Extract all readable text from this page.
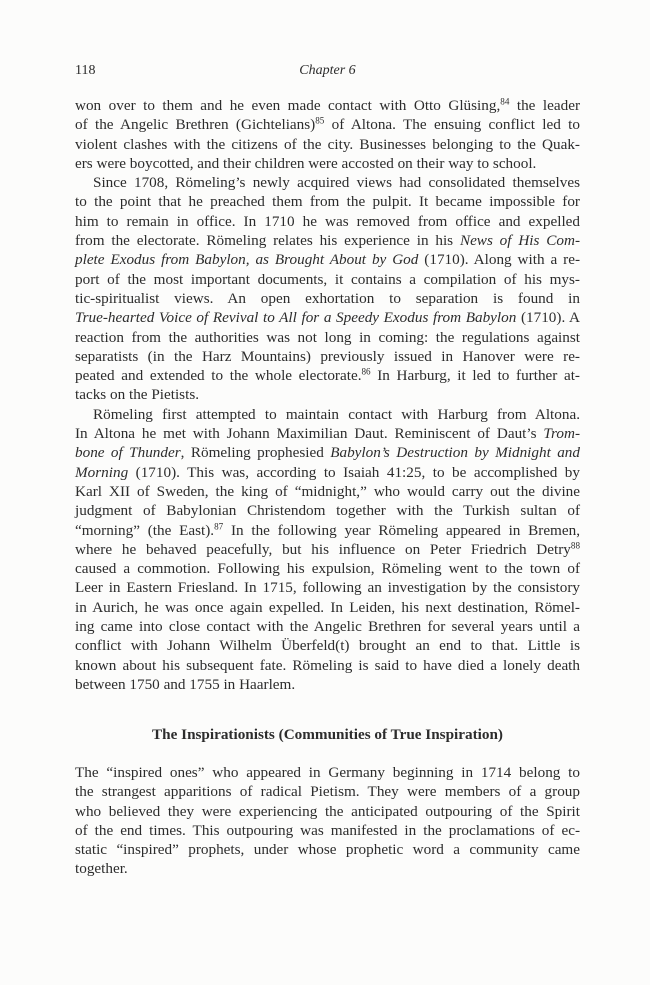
118	Chapter 6
won over to them and he even made contact with Otto Glüsing,$^{84}$ the leader
of the Angelic Brethren (Gichtelians)$^{85}$ of Altona. The ensuing conflict led to
violent clashes with the citizens of the city. Businesses belonging to the Quak-
ers were boycotted, and their children were accosted on their way to school.
Since 1708, Römeling’s newly acquired views had consolidated themselves
to the point that he preached them from the pulpit. It became impossible for
him to remain in office. In 1710 he was removed from office and expelled
from the electorate. Römeling relates his experience in his News of His Com-
plete Exodus from Babylon, as Brought About by God (1710). Along with a re-
port of the most important documents, it contains a compilation of his mys-
tic-spiritualist views. An open exhortation to separation is found in
True-hearted Voice of Revival to All for a Speedy Exodus from Babylon (1710). A
reaction from the authorities was not long in coming: the regulations against
separatists (in the Harz Mountains) previously issued in Hanover were re-
peated and extended to the whole electorate.$^{86}$ In Harburg, it led to further at-
tacks on the Pietists.
Römeling first attempted to maintain contact with Harburg from Altona.
In Altona he met with Johann Maximilian Daut. Reminiscent of Daut’s Trom-
bone of Thunder, Römeling prophesied Babylon’s Destruction by Midnight and
Morning (1710). This was, according to Isaiah 41:25, to be accomplished by
Karl XII of Sweden, the king of “midnight,” who would carry out the divine
judgment of Babylonian Christendom together with the Turkish sultan of
“morning” (the East).$^{87}$ In the following year Römeling appeared in Bremen,
where he behaved peacefully, but his influence on Peter Friedrich Detry$^{88}$
caused a commotion. Following his expulsion, Römeling went to the town of
Leer in Eastern Friesland. In 1715, following an investigation by the consistory
in Aurich, he was once again expelled. In Leiden, his next destination, Römel-
ing came into close contact with the Angelic Brethren for several years until a
conflict with Johann Wilhelm Überfeld(t) brought an end to that. Little is
known about his subsequent fate. Römeling is said to have died a lonely death
between 1750 and 1755 in Haarlem.
The Inspirationists (Communities of True Inspiration)
The “inspired ones” who appeared in Germany beginning in 1714 belong to
the strangest apparitions of radical Pietism. They were members of a group
who believed they were experiencing the anticipated outpouring of the Spirit
of the end times. This outpouring was manifested in the proclamations of ec-
static “inspired” prophets, under whose prophetic word a community came
together.
